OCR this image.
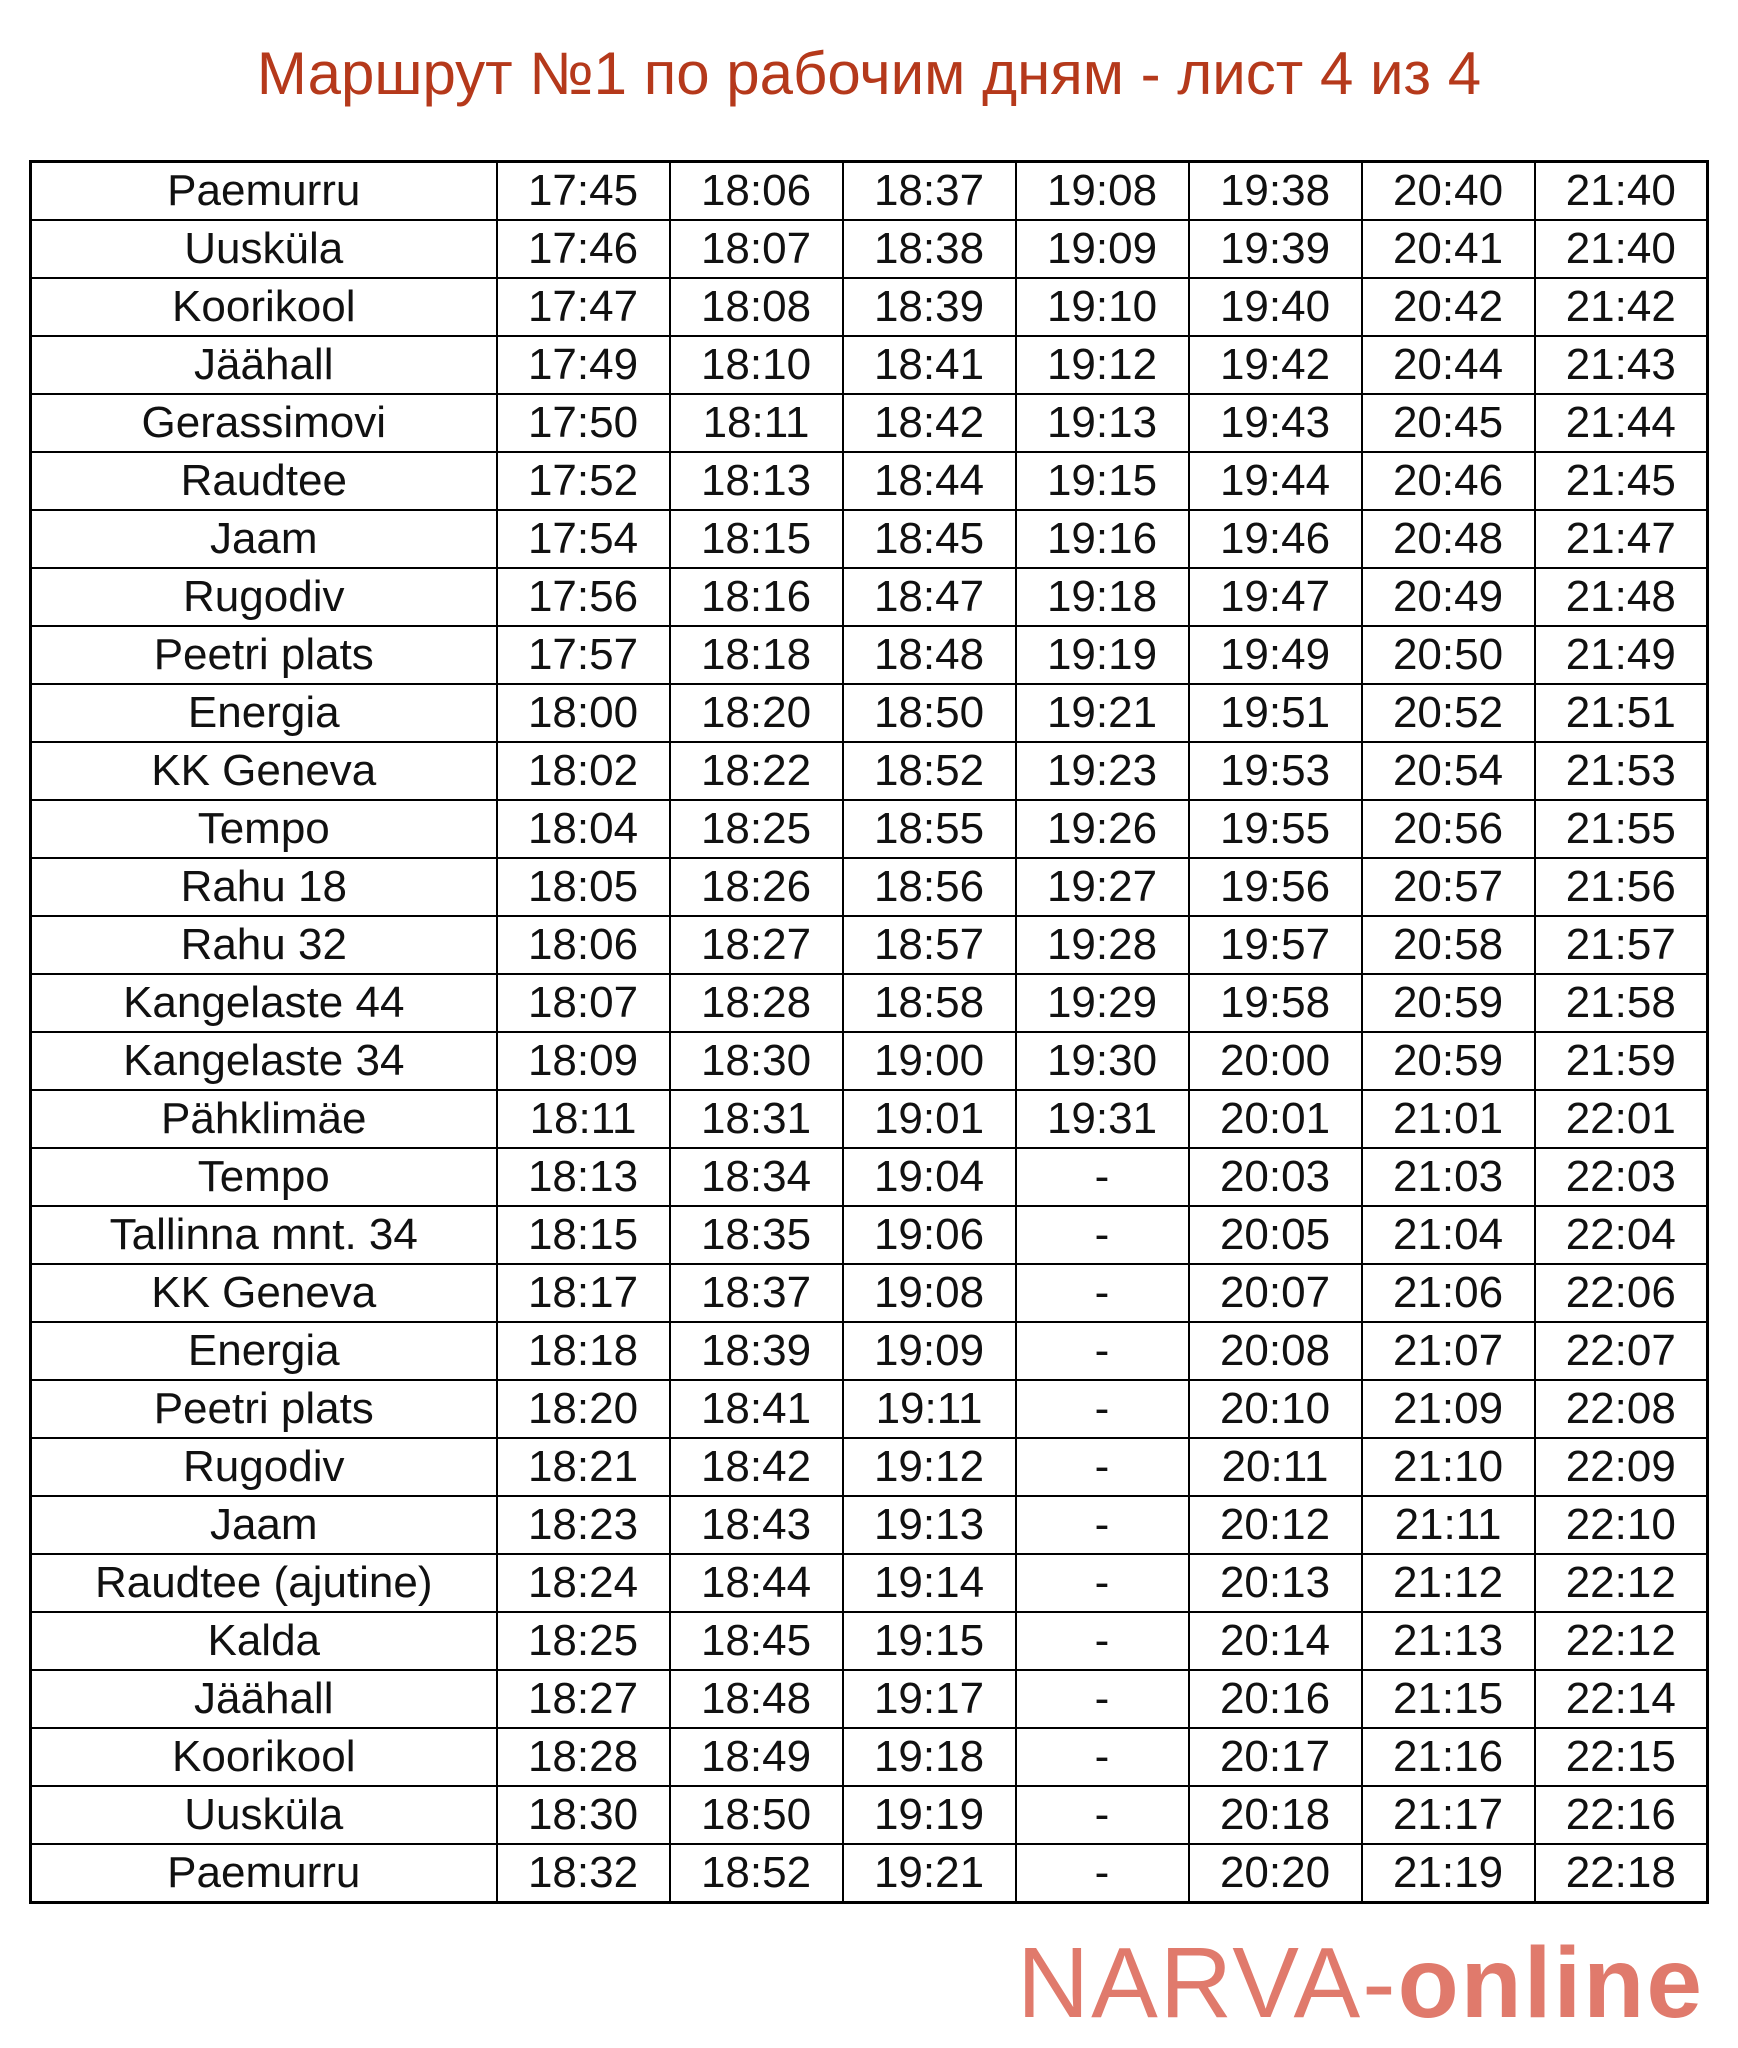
Маршрут №1 по рабочим дням - лист 4 из 4
Paemurru	17:45	18:06	18:37	19:08	19:38	20:40	21:40
Uusküla	17:46	18:07	18:38	19:09	19:39	20:41	21:40
Koorikool	17:47	18:08	18:39	19:10	19:40	20:42	21:42
Jäähall	17:49	18:10	18:41	19:12	19:42	20:44	21:43
Gerassimovi	17:50	18:11	18:42	19:13	19:43	20:45	21:44
Raudtee	17:52	18:13	18:44	19:15	19:44	20:46	21:45
Jaam	17:54	18:15	18:45	19:16	19:46	20:48	21:47
Rugodiv	17:56	18:16	18:47	19:18	19:47	20:49	21:48
Peetri plats	17:57	18:18	18:48	19:19	19:49	20:50	21:49
Energia	18:00	18:20	18:50	19:21	19:51	20:52	21:51
KK Geneva	18:02	18:22	18:52	19:23	19:53	20:54	21:53
Tempo	18:04	18:25	18:55	19:26	19:55	20:56	21:55
Rahu 18	18:05	18:26	18:56	19:27	19:56	20:57	21:56
Rahu 32	18:06	18:27	18:57	19:28	19:57	20:58	21:57
Kangelaste 44	18:07	18:28	18:58	19:29	19:58	20:59	21:58
Kangelaste 34	18:09	18:30	19:00	19:30	20:00	20:59	21:59
Pähklimäe	18:11	18:31	19:01	19:31	20:01	21:01	22:01
Tempo	18:13	18:34	19:04	-	20:03	21:03	22:03
Tallinna mnt. 34	18:15	18:35	19:06	-	20:05	21:04	22:04
KK Geneva	18:17	18:37	19:08	-	20:07	21:06	22:06
Energia	18:18	18:39	19:09	-	20:08	21:07	22:07
Peetri plats	18:20	18:41	19:11	-	20:10	21:09	22:08
Rugodiv	18:21	18:42	19:12	-	20:11	21:10	22:09
Jaam	18:23	18:43	19:13	-	20:12	21:11	22:10
Raudtee (ajutine)	18:24	18:44	19:14	-	20:13	21:12	22:12
Kalda	18:25	18:45	19:15	-	20:14	21:13	22:12
Jäähall	18:27	18:48	19:17	-	20:16	21:15	22:14
Koorikool	18:28	18:49	19:18	-	20:17	21:16	22:15
Uusküla	18:30	18:50	19:19	-	20:18	21:17	22:16
Paemurru	18:32	18:52	19:21	-	20:20	21:19	22:18
NARVA-online
